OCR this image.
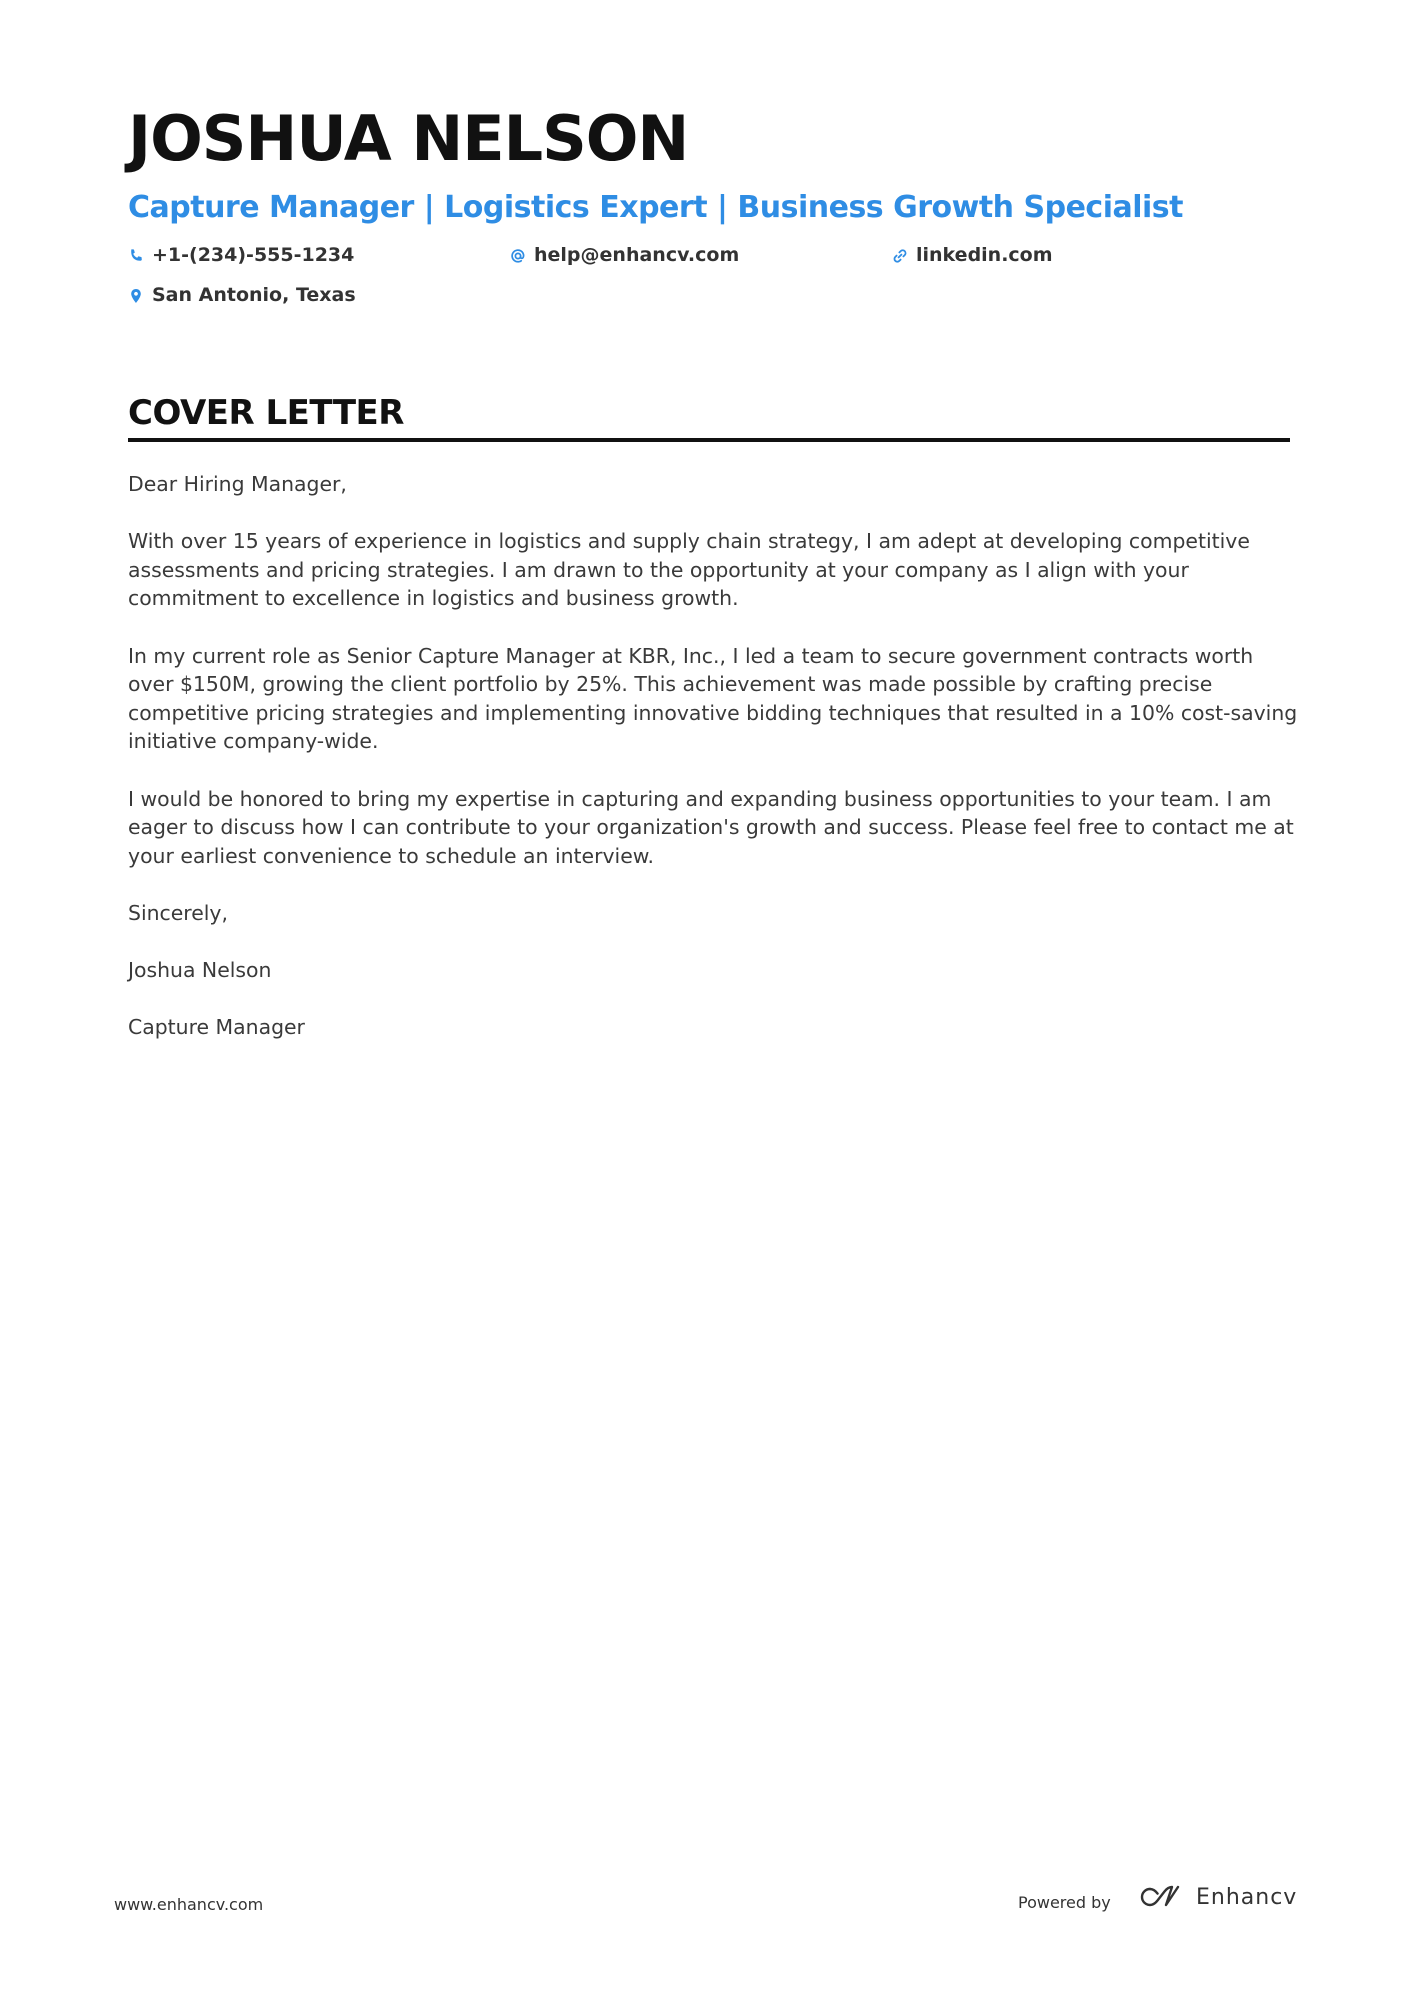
JOSHUA NELSON
Capture Manager | Logistics Expert | Business Growth Specialist
+1-(234)-555-1234	help@enhancv.com	linkedin.com
San Antonio, Texas
COVER LETTER

Dear Hiring Manager,

With over 15 years of experience in logistics and supply chain strategy, I am adept at developing competitive assessments and pricing strategies. I am drawn to the opportunity at your company as I align with your commitment to excellence in logistics and business growth.

In my current role as Senior Capture Manager at KBR, Inc., I led a team to secure government contracts worth over $150M, growing the client portfolio by 25%. This achievement was made possible by crafting precise competitive pricing strategies and implementing innovative bidding techniques that resulted in a 10% cost-saving initiative company-wide.

I would be honored to bring my expertise in capturing and expanding business opportunities to your team. I am eager to discuss how I can contribute to your organization's growth and success. Please feel free to contact me at your earliest convenience to schedule an interview.

Sincerely,

Joshua Nelson

Capture Manager

www.enhancv.com	Powered by	Enhancv
